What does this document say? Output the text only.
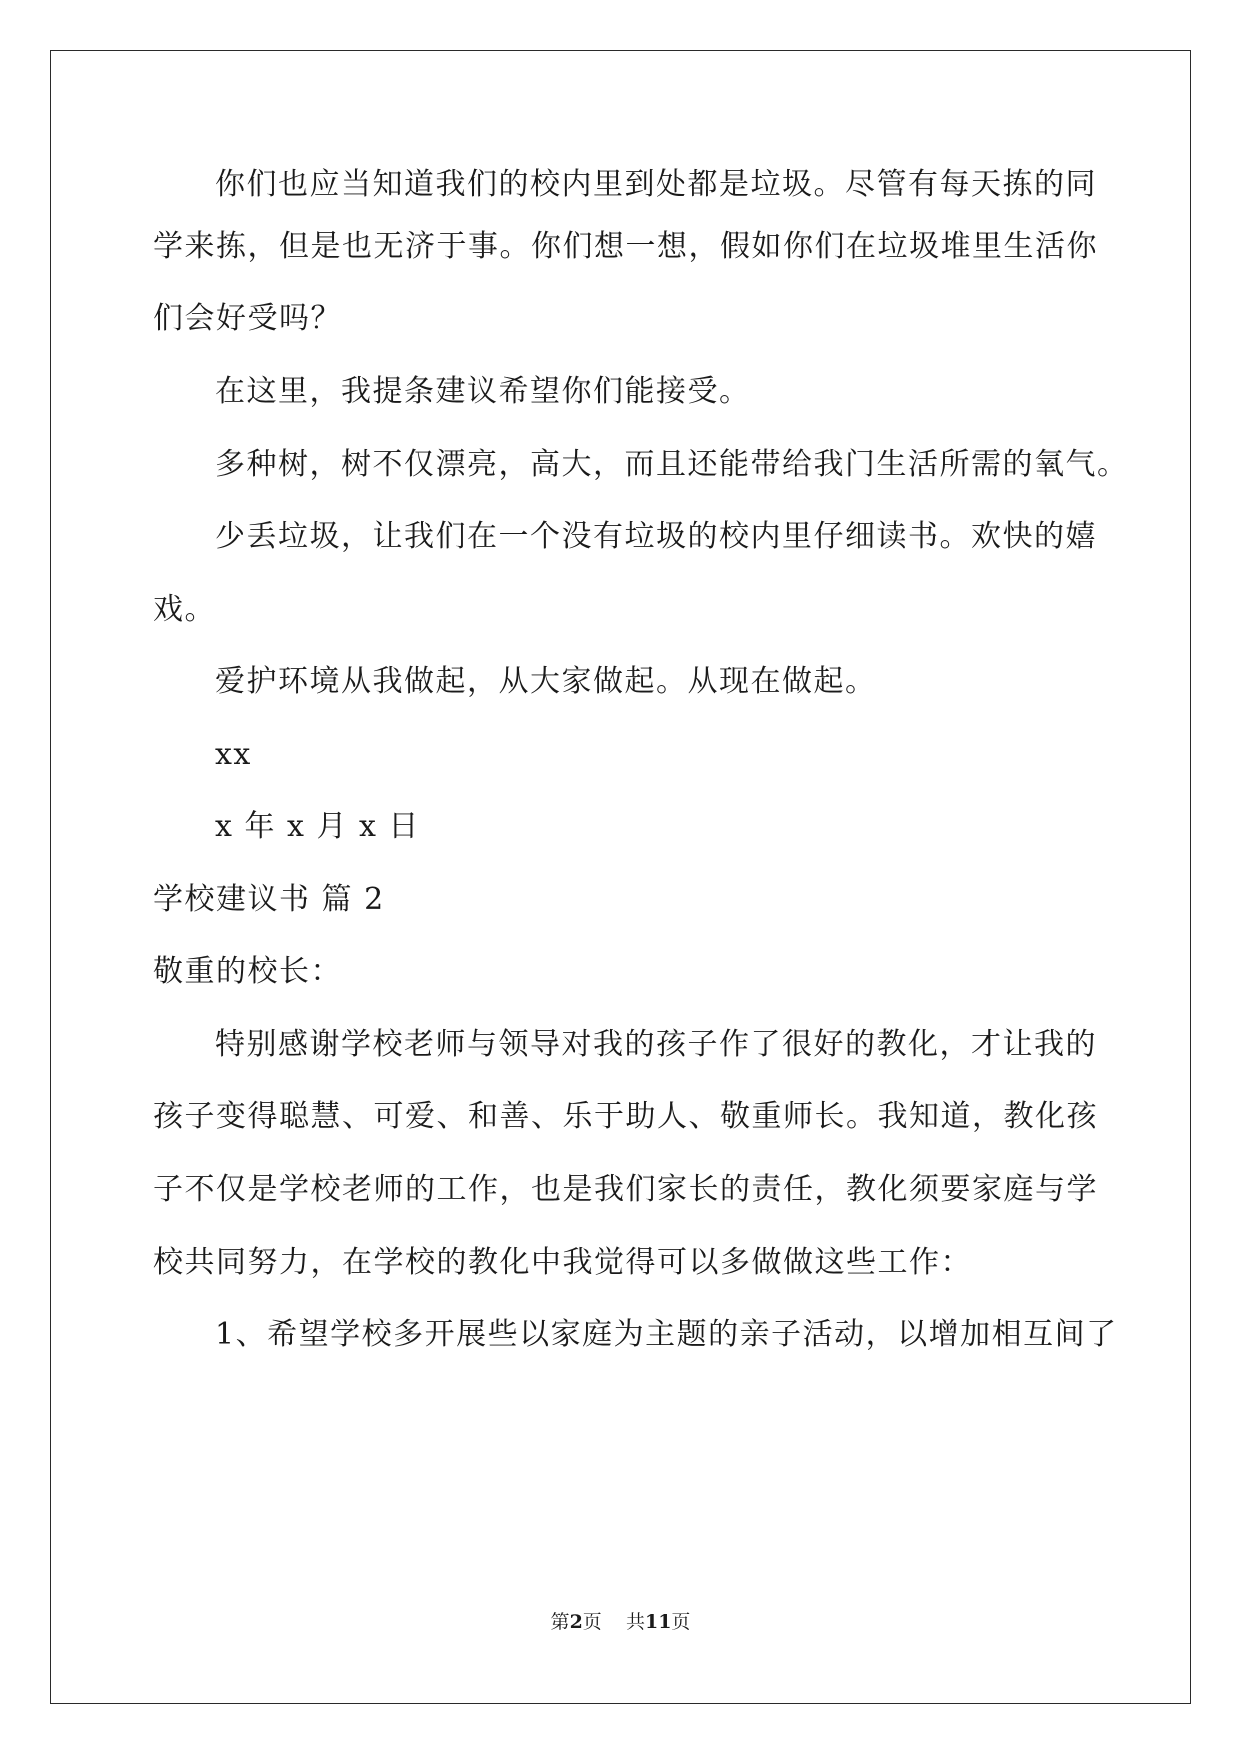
你们也应当知道我们的校内里到处都是垃圾。尽管有每天拣的同
学来拣，但是也无济于事。你们想一想，假如你们在垃圾堆里生活你
们会好受吗？
在这里，我提条建议希望你们能接受。
多种树，树不仅漂亮，高大，而且还能带给我门生活所需的氧气。
少丢垃圾，让我们在一个没有垃圾的校内里仔细读书。欢快的嬉
戏。
爱护环境从我做起，从大家做起。从现在做起。
xx
x 年 x 月 x 日
学校建议书 篇 2
敬重的校长：
特别感谢学校老师与领导对我的孩子作了很好的教化，才让我的
孩子变得聪慧、可爱、和善、乐于助人、敬重师长。我知道，教化孩
子不仅是学校老师的工作，也是我们家长的责任，教化须要家庭与学
校共同努力，在学校的教化中我觉得可以多做做这些工作：
1、希望学校多开展些以家庭为主题的亲子活动，以增加相互间了
第2页    共11页
